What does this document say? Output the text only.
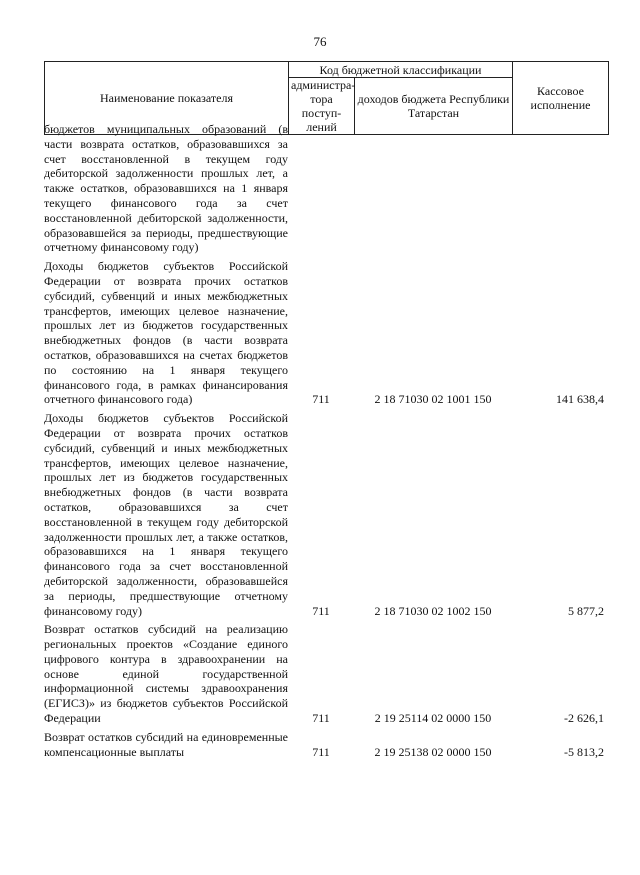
76
Наименование показателя	Код бюджетной классификации		Кассовое исполнение
	администра-тора поступ-лений	доходов бюджета Республики Татарстан	
бюджетов муниципальных образований (в части возврата остатков, образовавшихся за счет восстановленной в текущем году дебиторской задолженности прошлых лет, а также остатков, образовавшихся на 1 января текущего финансового года за счет восстановленной дебиторской задолженности, образовавшейся за периоды, предшествующие отчетному финансовому году)
Доходы бюджетов субъектов Российской Федерации от возврата прочих остатков субсидий, субвенций и иных межбюджетных трансфертов, имеющих целевое назначение, прошлых лет из бюджетов государственных внебюджетных фондов (в части возврата остатков, образовавшихся на счетах бюджетов по состоянию на 1 января текущего финансового года, в рамках финансирования отчетного финансового года)	711	2 18 71030 02 1001 150	141 638,4
Доходы бюджетов субъектов Российской Федерации от возврата прочих остатков субсидий, субвенций и иных межбюджетных трансфертов, имеющих целевое назначение, прошлых лет из бюджетов государственных внебюджетных фондов (в части возврата остатков, образовавшихся за счет восстановленной в текущем году дебиторской задолженности прошлых лет, а также остатков, образовавшихся на 1 января текущего финансового года за счет восстановленной дебиторской задолженности, образовавшейся за периоды, предшествующие отчетному финансовому году)	711	2 18 71030 02 1002 150	5 877,2
Возврат остатков субсидий на реализацию региональных проектов «Создание единого цифрового контура в здравоохранении на основе единой государственной информационной системы здравоохранения (ЕГИСЗ)» из бюджетов субъектов Российской Федерации	711	2 19 25114 02 0000 150	-2 626,1
Возврат остатков субсидий на единовременные компенсационные выплаты	711	2 19 25138 02 0000 150	-5 813,2
